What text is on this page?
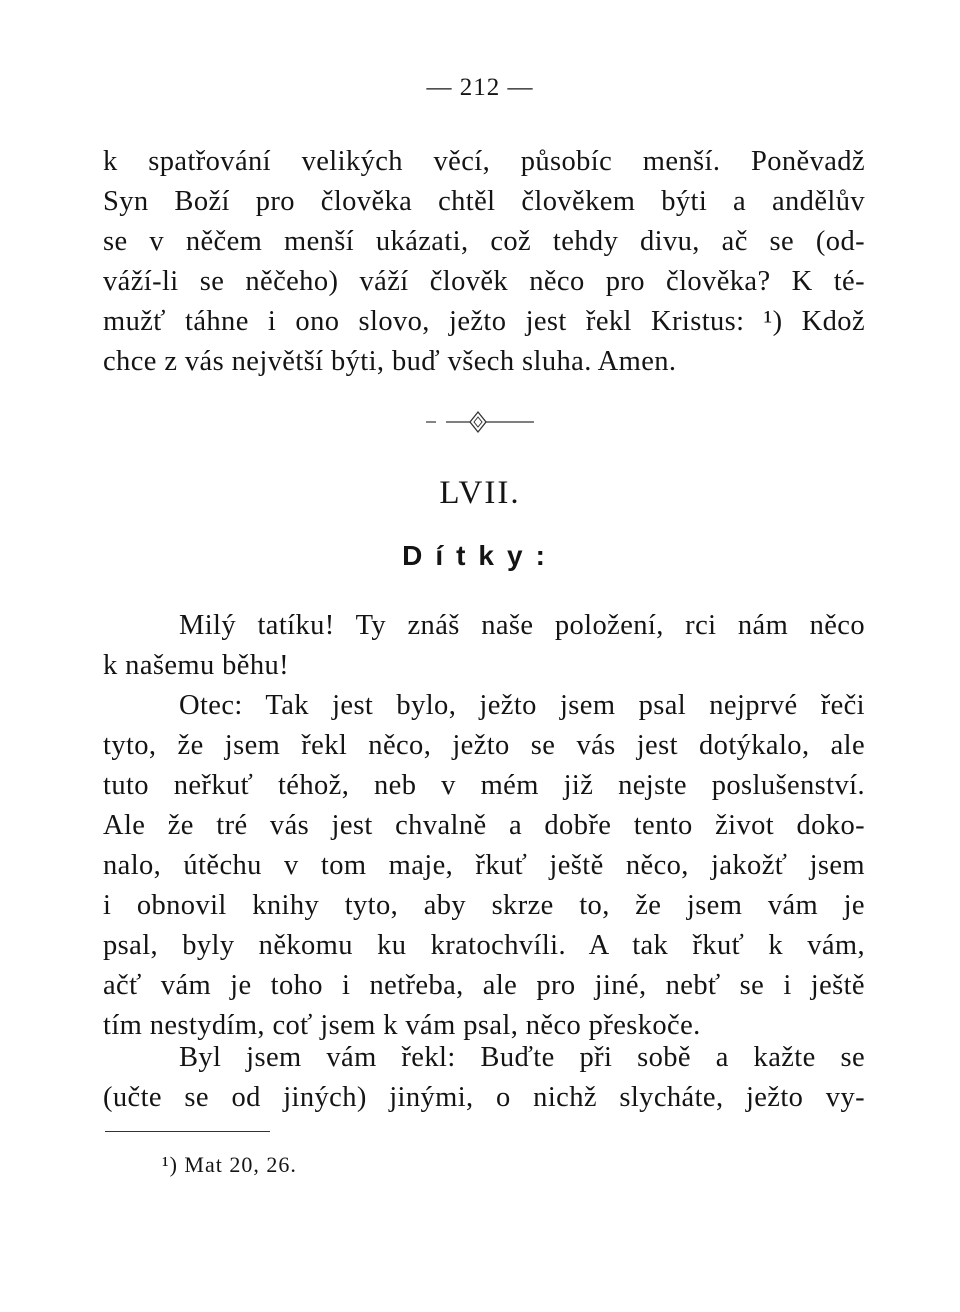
— 212 —
k spatřování velikých věcí, působíc menší. Poněvadž
Syn Boží pro člověka chtěl člověkem býti a andělův
se v něčem menší ukázati, což tehdy divu, ač se (od-
váží-li se něčeho) váží člověk něco pro člověka? K té-
mužť táhne i ono slovo, ježto jest řekl Kristus: ¹) Kdož
chce z vás největší býti, buď všech sluha. Amen.
LVII.
Dítky:
Milý tatíku! Ty znáš naše položení, rci nám něco
k našemu běhu!
Otec: Tak jest bylo, ježto jsem psal nejprvé řeči
tyto, že jsem řekl něco, ježto se vás jest dotýkalo, ale
tuto neřkuť téhož, neb v mém již nejste poslušenství.
Ale že tré vás jest chvalně a dobře tento život doko-
nalo, útěchu v tom maje, řkuť ještě něco, jakožť jsem
i obnovil knihy tyto, aby skrze to, že jsem vám je
psal, byly někomu ku kratochvíli. A tak řkuť k vám,
ačť vám je toho i netřeba, ale pro jiné, nebť se i ještě
tím nestydím, coť jsem k vám psal, něco přeskoče.
Byl jsem vám řekl: Buďte při sobě a kažte se
(učte se od jiných) jinými, o nichž slycháte, ježto vy-
¹) Mat 20, 26.
